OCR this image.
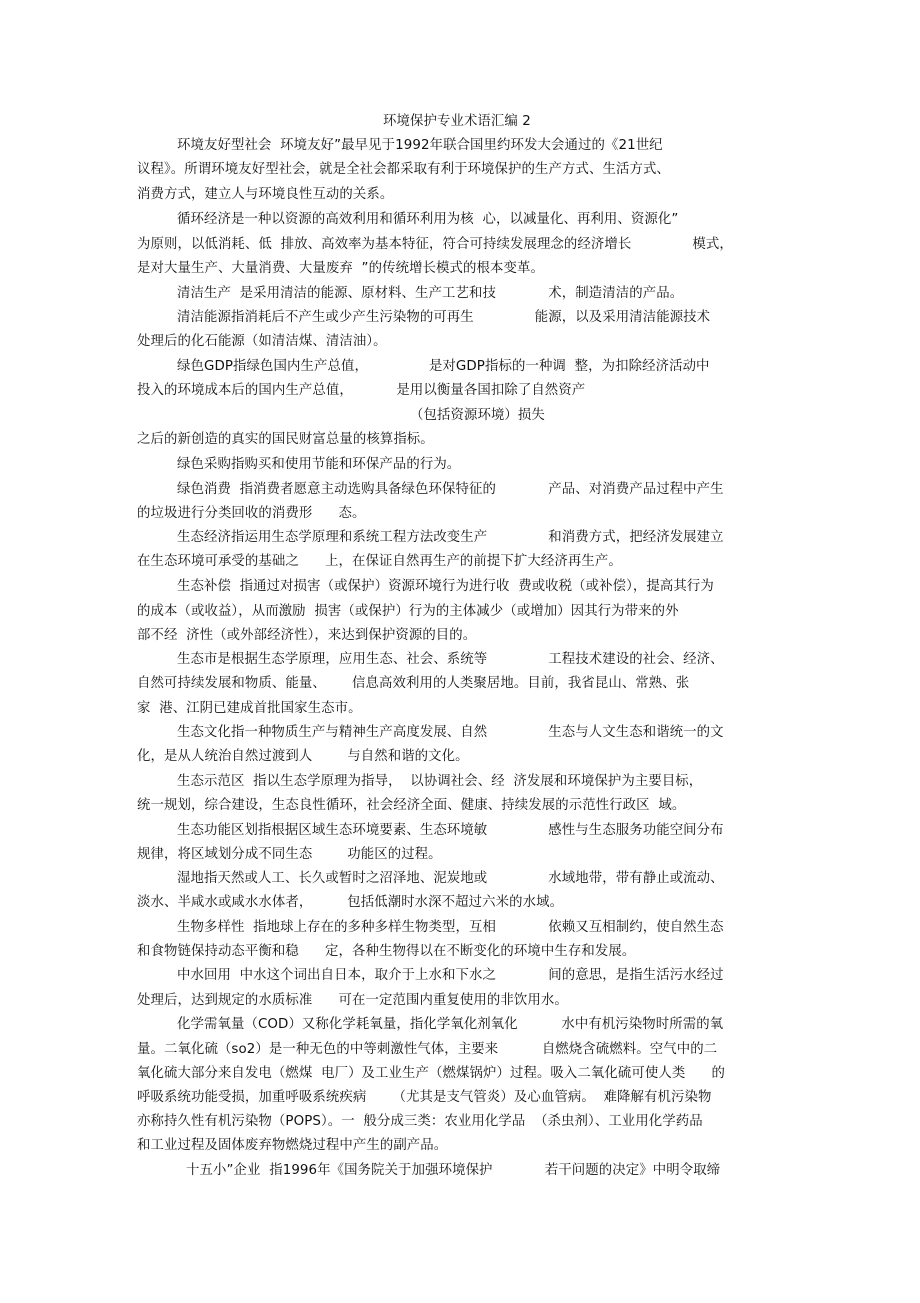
环境保护专业术语汇编 2
环境友好型社会  环境友好”最早见于1992年联合国里约环发大会通过的《21世纪
议程》。所谓环境友好型社会，就是全社会都采取有利于环境保护的生产方式、生活方式、
消费方式，建立人与环境良性互动的关系。
循环经济是一种以资源的高效利用和循环利用为核  心，以减量化、再利用、资源化”
为原则，以低消耗、低  排放、高效率为基本特征，符合可持续发展理念的经济增长              模式，
是对大量生产、大量消费、大量废弃  ”的传统增长模式的根本变革。
清洁生产  是采用清洁的能源、原材料、生产工艺和技            术，制造清洁的产品。
清洁能源指消耗后不产生或少产生污染物的可再生              能源，以及采用清洁能源技术
处理后的化石能源（如清洁煤、清洁油）。
绿色GDP指绿色国内生产总值，              是对GDP指标的一种调  整，为扣除经济活动中
投入的环境成本后的国内生产总值，          是用以衡量各国扣除了自然资产
（包括资源环境）损失
之后的新创造的真实的国民财富总量的核算指标。
绿色采购指购买和使用节能和环保产品的行为。
绿色消费  指消费者愿意主动选购具备绿色环保特征的            产品、对消费产品过程中产生
的垃圾进行分类回收的消费形      态。
生态经济指运用生态学原理和系统工程方法改变生产              和消费方式，把经济发展建立
在生态环境可承受的基础之      上，在保证自然再生产的前提下扩大经济再生产。
生态补偿  指通过对损害（或保护）资源环境行为进行收  费或收税（或补偿），提高其行为
的成本（或收益），从而激励  损害（或保护）行为的主体减少（或增加）因其行为带来的外
部不经  济性（或外部经济性），来达到保护资源的目的。
生态市是根据生态学原理，应用生态、社会、系统等              工程技术建设的社会、经济、
自然可持续发展和物质、能量、      信息高效利用的人类聚居地。目前，我省昆山、常熟、张
家  港、江阴已建成首批国家生态市。
生态文化指一种物质生产与精神生产高度发展、自然              生态与人文生态和谐统一的文
化，是从人统治自然过渡到人        与自然和谐的文化。
生态示范区  指以生态学原理为指导，  以协调社会、经  济发展和环境保护为主要目标，
统一规划，综合建设，生态良性循环，社会经济全面、健康、持续发展的示范性行政区  域。
生态功能区划指根据区域生态环境要素、生态环境敏              感性与生态服务功能空间分布
规律，将区域划分成不同生态        功能区的过程。
湿地指天然或人工、长久或暂时之沼泽地、泥炭地或              水域地带，带有静止或流动、
淡水、半咸水或咸水水体者，        包括低潮时水深不超过六米的水域。
生物多样性  指地球上存在的多种多样生物类型，互相            依赖又互相制约，使自然生态
和食物链保持动态平衡和稳      定，各种生物得以在不断变化的环境中生存和发展。
中水回用  中水这个词出自日本，取介于上水和下水之            间的意思，是指生活污水经过
处理后，达到规定的水质标准      可在一定范围内重复使用的非饮用水。
化学需氧量（COD）又称化学耗氧量，指化学氧化剂氧化          水中有机污染物时所需的氧
量。二氧化硫（so2）是一种无色的中等刺激性气体，主要来          自燃烧含硫燃料。空气中的二
氧化硫大部分来自发电（燃煤  电厂）及工业生产（燃煤锅炉）过程。吸入二氧化硫可使人类      的
呼吸系统功能受损，加重呼吸系统疾病      （尤其是支气管炎）及心血管病。  难降解有机污染物
亦称持久性有机污染物（POPS）。一  般分成三类：农业用化学品  （杀虫剂）、工业用化学药品
和工业过程及固体废弃物燃烧过程中产生的副产品。
十五小”企业  指1996年《国务院关于加强环境保护            若干问题的决定》中明令取缔
